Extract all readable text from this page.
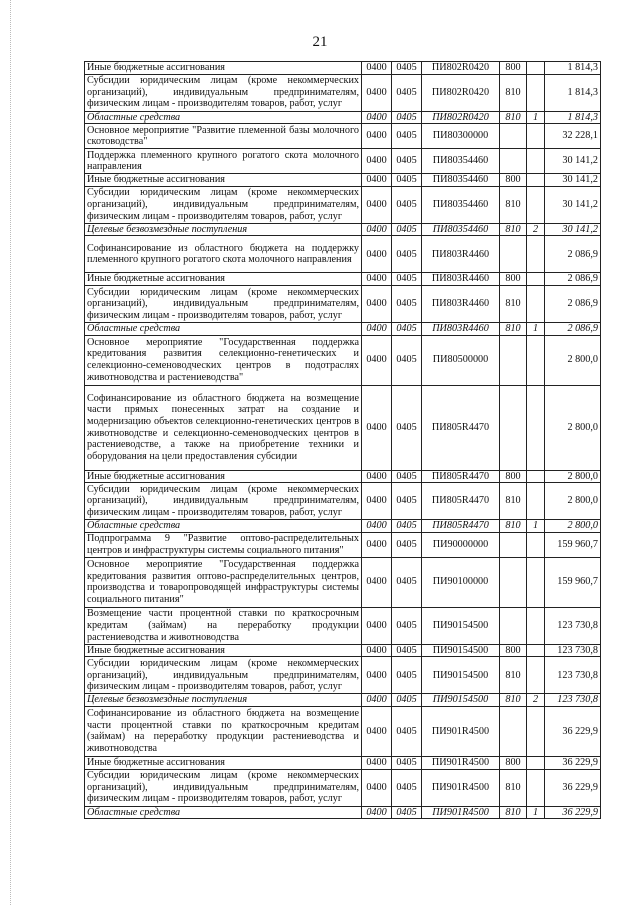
21
Иные бюджетные ассигнования	0400	0405	ПИ802R0420	800		1 814,3
Субсидии юридическим лицам (кроме некоммерческих организаций), индивидуальным предпринимателям, физическим лицам - производителям товаров, работ, услуг	0400	0405	ПИ802R0420	810		1 814,3
Областные средства	0400	0405	ПИ802R0420	810	1	1 814,3
Основное мероприятие "Развитие племенной базы молочного скотоводства"	0400	0405	ПИ80300000			32 228,1
Поддержка племенного крупного рогатого скота молочного направления	0400	0405	ПИ80354460			30 141,2
Иные бюджетные ассигнования	0400	0405	ПИ80354460	800		30 141,2
Субсидии юридическим лицам (кроме некоммерческих организаций), индивидуальным предпринимателям, физическим лицам - производителям товаров, работ, услуг	0400	0405	ПИ80354460	810		30 141,2
Целевые безвозмездные поступления	0400	0405	ПИ80354460	810	2	30 141,2
Софинансирование из областного бюджета на поддержку племенного крупного рогатого скота молочного направления	0400	0405	ПИ803R4460			2 086,9
Иные бюджетные ассигнования	0400	0405	ПИ803R4460	800		2 086,9
Субсидии юридическим лицам (кроме некоммерческих организаций), индивидуальным предпринимателям, физическим лицам - производителям товаров, работ, услуг	0400	0405	ПИ803R4460	810		2 086,9
Областные средства	0400	0405	ПИ803R4460	810	1	2 086,9
Основное мероприятие "Государственная поддержка кредитования развития селекционно-генетических и селекционно-семеноводческих центров в подотраслях животноводства и растениеводства"	0400	0405	ПИ80500000			2 800,0
Софинансирование из областного бюджета на возмещение части прямых понесенных затрат на создание и модернизацию объектов селекционно-генетических центров в животноводстве и селекционно-семеноводческих центров в растениеводстве, а также на приобретение техники и оборудования на цели предоставления субсидии	0400	0405	ПИ805R4470			2 800,0
Иные бюджетные ассигнования	0400	0405	ПИ805R4470	800		2 800,0
Субсидии юридическим лицам (кроме некоммерческих организаций), индивидуальным предпринимателям, физическим лицам - производителям товаров, работ, услуг	0400	0405	ПИ805R4470	810		2 800,0
Областные средства	0400	0405	ПИ805R4470	810	1	2 800,0
Подпрограмма 9 "Развитие оптово-распределительных центров и инфраструктуры системы социального питания"	0400	0405	ПИ90000000			159 960,7
Основное мероприятие "Государственная поддержка кредитования развития оптово-распределительных центров, производства и товаропроводящей инфраструктуры системы социального питания"	0400	0405	ПИ90100000			159 960,7
Возмещение части процентной ставки по краткосрочным кредитам (займам) на переработку продукции растениеводства и животноводства	0400	0405	ПИ90154500			123 730,8
Иные бюджетные ассигнования	0400	0405	ПИ90154500	800		123 730,8
Субсидии юридическим лицам (кроме некоммерческих организаций), индивидуальным предпринимателям, физическим лицам - производителям товаров, работ, услуг	0400	0405	ПИ90154500	810		123 730,8
Целевые безвозмездные поступления	0400	0405	ПИ90154500	810	2	123 730,8
Софинансирование из областного бюджета на возмещение части процентной ставки по краткосрочным кредитам (займам) на переработку продукции растениеводства и животноводства	0400	0405	ПИ901R4500			36 229,9
Иные бюджетные ассигнования	0400	0405	ПИ901R4500	800		36 229,9
Субсидии юридическим лицам (кроме некоммерческих организаций), индивидуальным предпринимателям, физическим лицам - производителям товаров, работ, услуг	0400	0405	ПИ901R4500	810		36 229,9
Областные средства	0400	0405	ПИ901R4500	810	1	36 229,9
